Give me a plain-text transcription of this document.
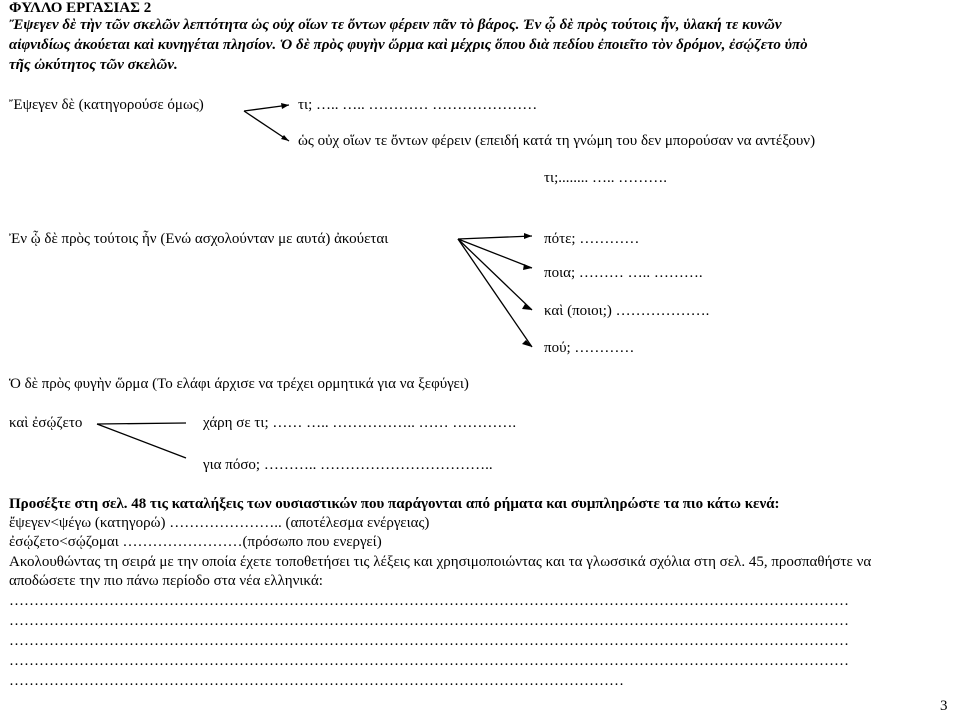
ΦΥΛΛΟ ΕΡΓΑΣΙΑΣ 2
Ἔψεγεν δὲ τὴν τῶν σκελῶν λεπτότητα ὡς οὐχ οἵων τε ὄντων φέρειν πᾶν τὸ βάρος. Ἐν ᾧ δὲ πρὸς τούτοις ἦν, ὑλακή τε κυνῶν
αἰφνιδίως ἀκούεται καὶ κυνηγέται πλησίον. Ὁ δὲ πρὸς φυγὴν ὥρμα καὶ μέχρις ὅπου διὰ πεδίου ἐποιεῖτο τὸν δρόμον, ἐσῴζετο ὑπὸ
τῆς ὠκύτητος τῶν σκελῶν.
Ἔψεγεν δὲ (κατηγορούσε όμως)	τι; ….. ….. ………… …………………
ὡς οὐχ οἵων τε ὄντων φέρειν (επειδή κατά τη γνώμη του δεν μπορούσαν να αντέξουν)
τι;........ ….. ……….
Ἐν ᾧ δὲ πρὸς τούτοις ἦν (Ενώ ασχολούνταν με αυτά) ἀκούεται	πότε; …………
ποια; ……… ….. ……….
καὶ (ποιοι;) ……………….
πού; …………
Ὁ δὲ πρὸς φυγὴν ὥρμα (Το ελάφι άρχισε να τρέχει ορμητικά για να ξεφύγει)
καὶ ἐσῴζετο	χάρη σε τι; …… ….. …………….. …… ………….
για πόσο; ……….. ……………………………..
Προσέξτε στη σελ. 48 τις καταλήξεις των ουσιαστικών που παράγονται από ρήματα και συμπληρώστε τα πιο κάτω κενά:
ἔψεγεν<ψέγω (κατηγορώ) ………………….. (αποτέλεσμα ενέργειας)
ἐσῴζετο<σῴζομαι ……………………(πρόσωπο που ενεργεί)
Ακολουθώντας τη σειρά με την οποία έχετε τοποθετήσει τις λέξεις και χρησιμοποιώντας και τα γλωσσικά σχόλια στη σελ. 45, προσπαθήστε να
αποδώσετε την πιο πάνω περίοδο στα νέα ελληνικά:
……………………………………………………………………………………………………………………………………………………
……………………………………………………………………………………………………………………………………………………
……………………………………………………………………………………………………………………………………………………
……………………………………………………………………………………………………………………………………………………
……………………………………………………………………………………………………………
3
